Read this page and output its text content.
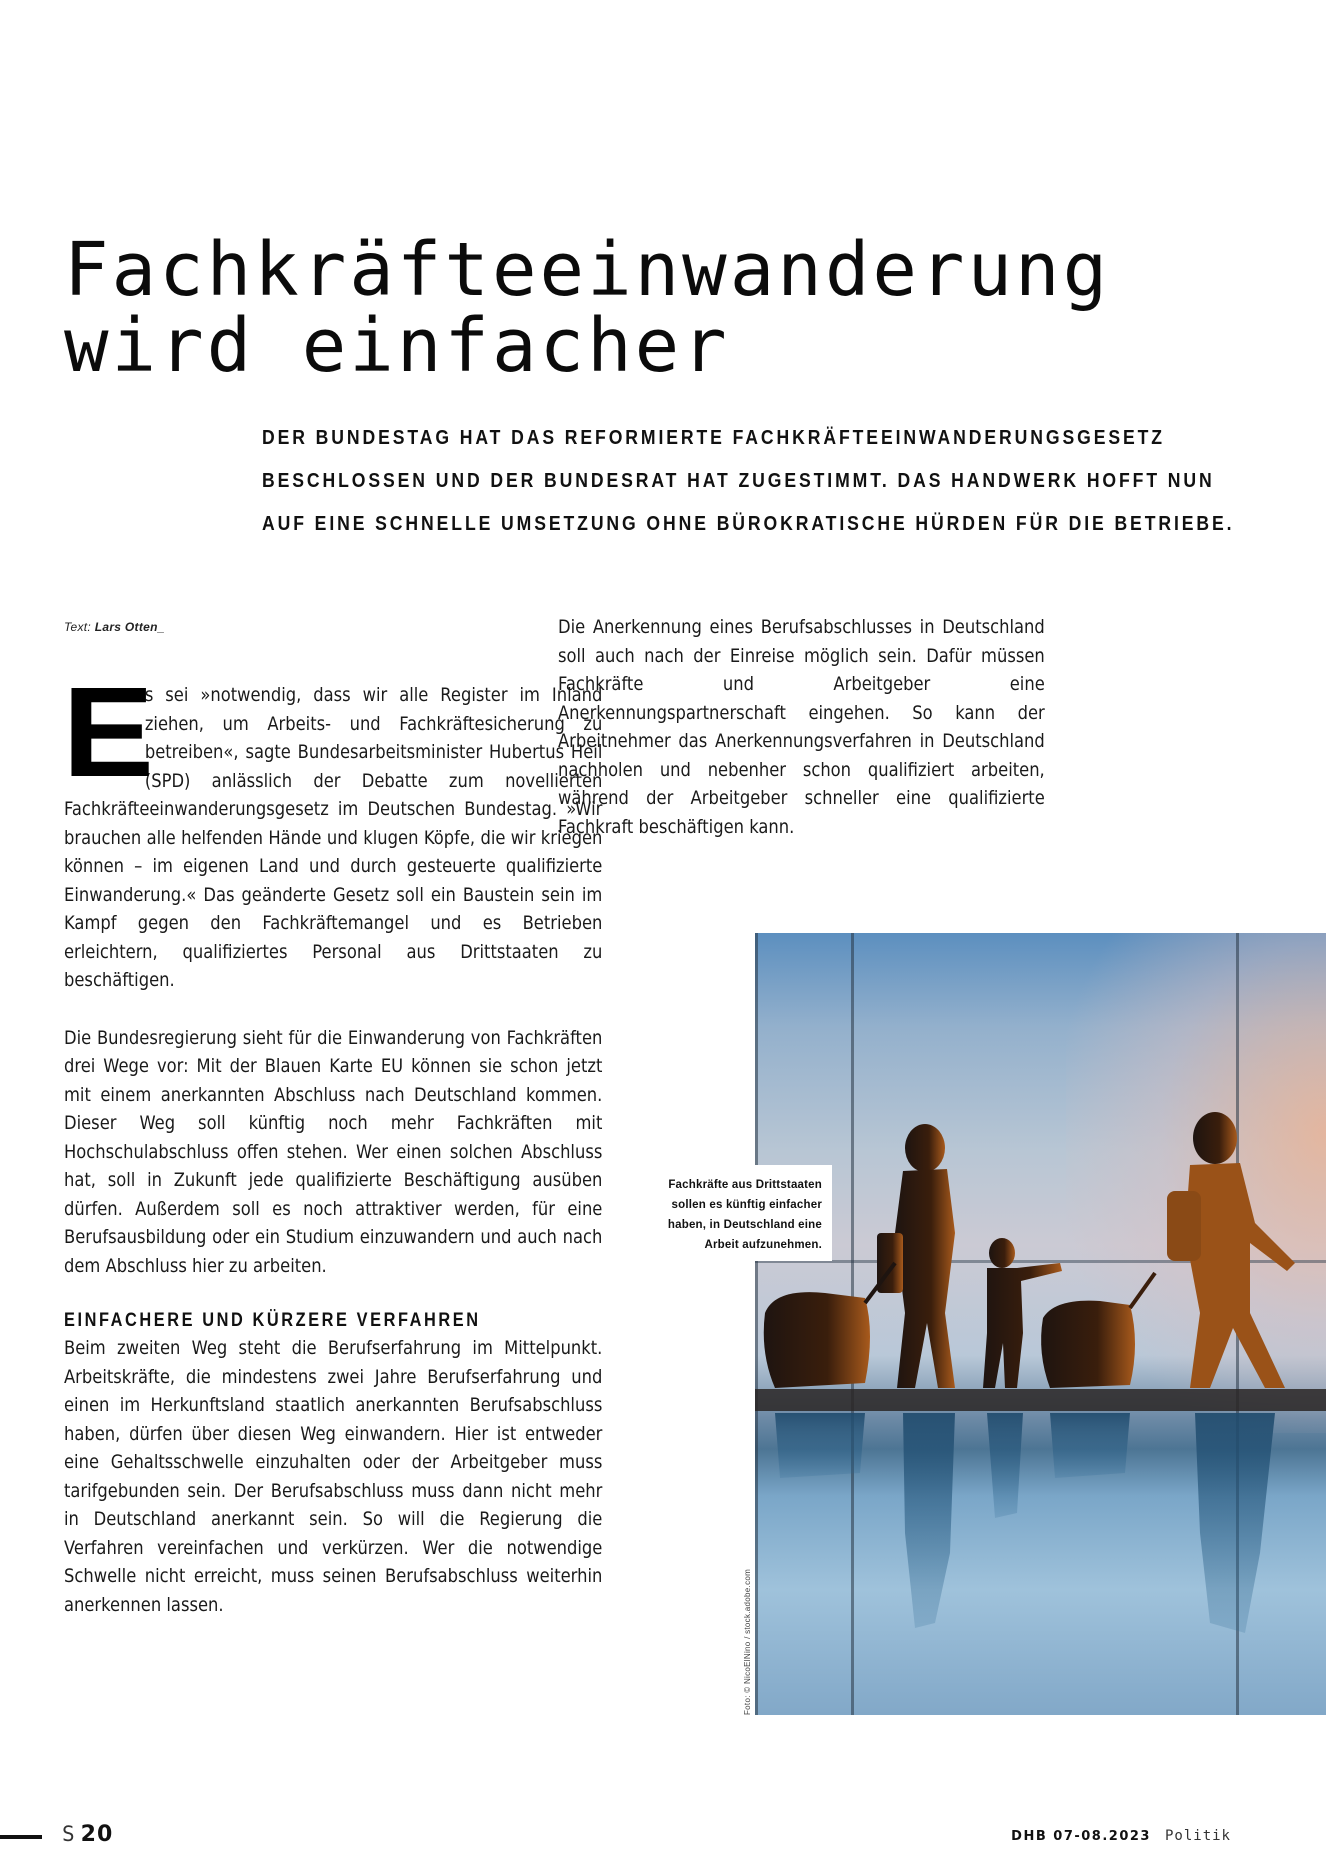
Fachkräfteeinwanderung
wird einfacher
DER BUNDESTAG HAT DAS REFORMIERTE FACHKRÄFTEEINWANDERUNGSGESETZ
BESCHLOSSEN UND DER BUNDESRAT HAT ZUGESTIMMT. DAS HANDWERK HOFFT NUN
AUF EINE SCHNELLE UMSETZUNG OHNE BÜROKRATISCHE HÜRDEN FÜR DIE BETRIEBE.
Text: Lars Otten_

E
s sei »notwendig, dass wir alle Register im Inland ziehen, um Arbeits- und Fachkräftesicherung zu betreiben«, sagte Bundesarbeitsminister Hubertus Heil (SPD) anlässlich der Debatte zum novellierten Fachkräfteeinwanderungsgesetz im Deutschen Bundestag. »Wir brauchen alle helfenden Hände und klugen Köpfe, die wir kriegen können – im eigenen Land und durch gesteuerte qualifizierte Einwanderung.« Das geänderte Gesetz soll ein Baustein sein im Kampf gegen den Fachkräftemangel und es Betrieben erleichtern, qualifiziertes Personal aus Drittstaaten zu beschäftigen.

Die Bundesregierung sieht für die Einwanderung von Fachkräften drei Wege vor: Mit der Blauen Karte EU können sie schon jetzt mit einem anerkannten Abschluss nach Deutschland kommen. Dieser Weg soll künftig noch mehr Fachkräften mit Hochschulabschluss offen stehen. Wer einen solchen Abschluss hat, soll in Zukunft jede qualifizierte Beschäftigung ausüben dürfen. Außerdem soll es noch attraktiver werden, für eine Berufsausbildung oder ein Studium einzuwandern und auch nach dem Abschluss hier zu arbeiten.

EINFACHERE UND KÜRZERE VERFAHREN

Beim zweiten Weg steht die Berufserfahrung im Mittelpunkt. Arbeitskräfte, die mindestens zwei Jahre Berufserfahrung und einen im Herkunftsland staatlich anerkannten Berufsabschluss haben, dürfen über diesen Weg einwandern. Hier ist entweder eine Gehaltsschwelle einzuhalten oder der Arbeitgeber muss tarifgebunden sein. Der Berufsabschluss muss dann nicht mehr in Deutschland anerkannt sein. So will die Regierung die Verfahren vereinfachen und verkürzen. Wer die notwendige Schwelle nicht erreicht, muss seinen Berufsabschluss weiterhin anerkennen lassen.

Die Anerkennung eines Berufsabschlusses in Deutschland soll auch nach der Einreise möglich sein. Dafür müssen Fachkräfte und Arbeitgeber eine Anerkennungspartnerschaft eingehen. So kann der Arbeitnehmer das Anerkennungsverfahren in Deutschland nachholen und nebenher schon qualifiziert arbeiten, während der Arbeitgeber schneller eine qualifizierte Fachkraft beschäftigen kann.

Fachkräfte aus Drittstaaten
sollen es künftig einfacher
haben, in Deutschland eine
Arbeit aufzunehmen.
Foto: © NicoElNino / stock.adobe.com
S 20	DHB 07-08.2023 Politik
